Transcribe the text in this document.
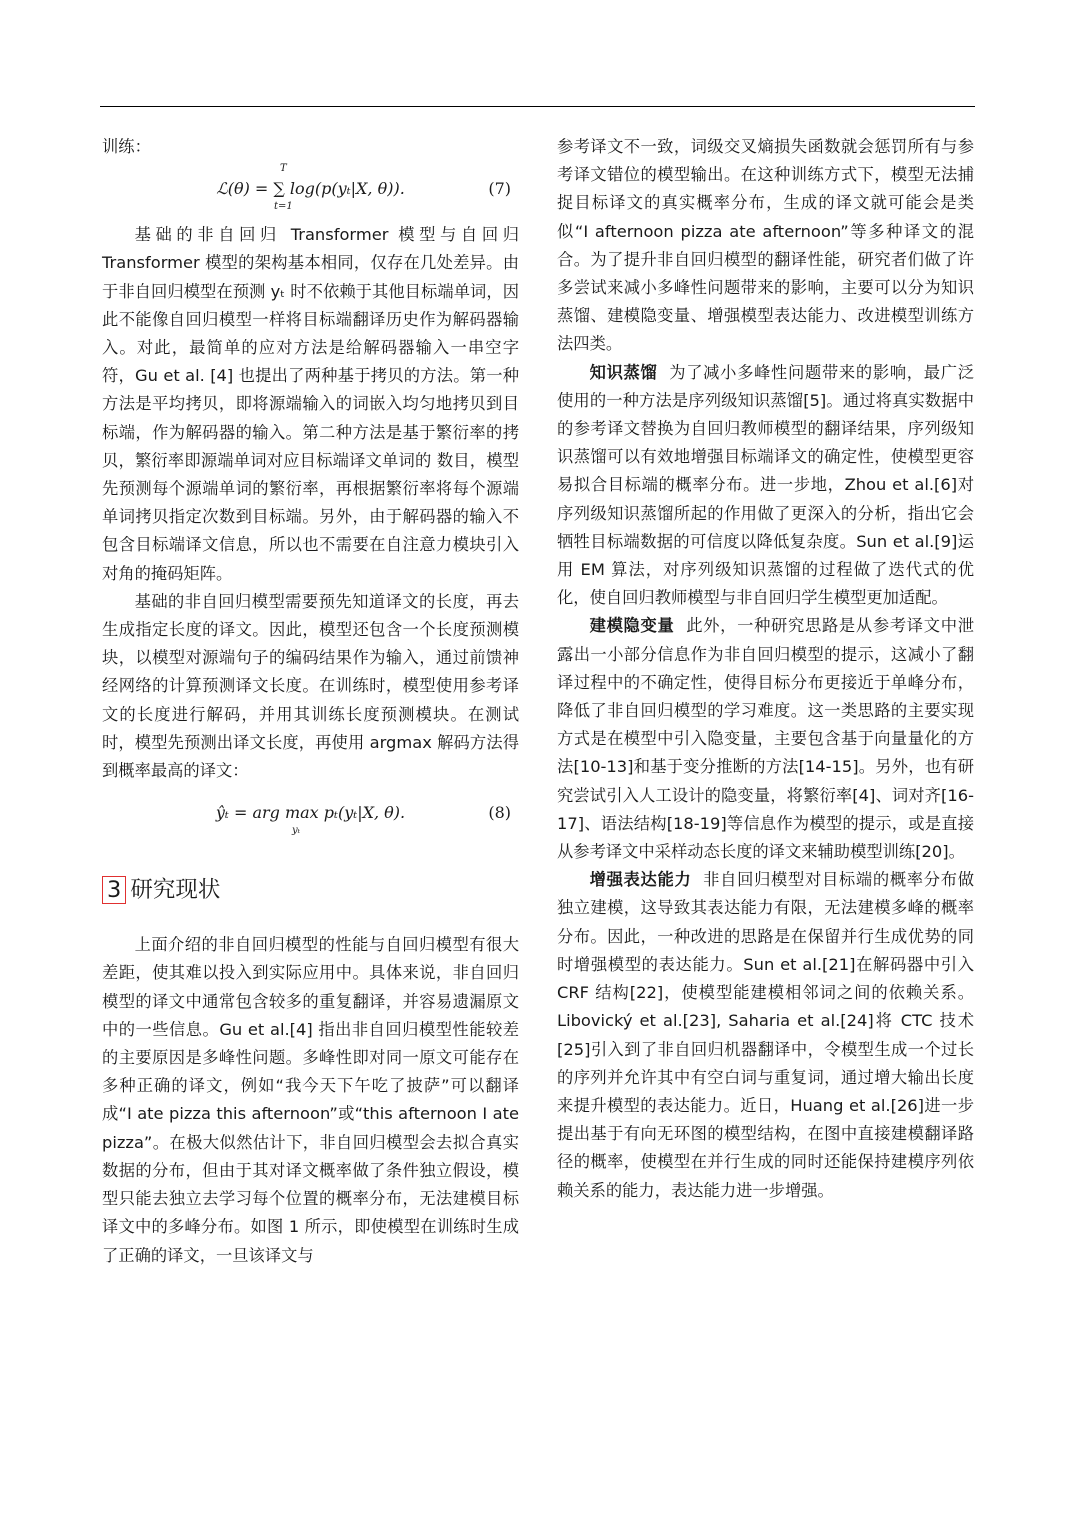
训练：

T
ℒ(θ) = ∑ log(p(yₜ|X, θ)).
t=1
(7)

基础的非自回归 Transformer 模型与自回归 Transformer 模型的架构基本相同，仅存在几处差异。由于非自回归模型在预测 yₜ 时不依赖于其他目标端单词，因此不能像自回归模型一样将目标端翻译历史作为解码器输入。对此，最简单的应对方法是给解码器输入一串空字符，Gu et al. [4] 也提出了两种基于拷贝的方法。第一种方法是平均拷贝，即将源端输入的词嵌入均匀地拷贝到目标端，作为解码器的输入。第二种方法是基于繁衍率的拷贝，繁衍率即源端单词对应目标端译文单词的 数目，模型先预测每个源端单词的繁衍率，再根据繁衍率将每个源端单词拷贝指定次数到目标端。另外，由于解码器的输入不包含目标端译文信息，所以也不需要在自注意力模块引入对角的掩码矩阵。

基础的非自回归模型需要预先知道译文的长度，再去生成指定长度的译文。因此，模型还包含一个长度预测模块，以模型对源端句子的编码结果作为输入，通过前馈神经网络的计算预测译文长度。在训练时，模型使用参考译文的长度进行解码，并用其训练长度预测模块。在测试时，模型先预测出译文长度，再使用 argmax 解码方法得到概率最高的译文：

ŷₜ = arg max pₜ(yₜ|X, θ).
yₜ
(8)
3 研究现状

上面介绍的非自回归模型的性能与自回归模型有很大差距，使其难以投入到实际应用中。具体来说，非自回归模型的译文中通常包含较多的重复翻译，并容易遗漏原文中的一些信息。Gu et al.[4] 指出非自回归模型性能较差的主要原因是多峰性问题。多峰性即对同一原文可能存在多种正确的译文，例如“我今天下午吃了披萨”可以翻译成“I ate pizza this afternoon”或“this afternoon I ate pizza”。在极大似然估计下，非自回归模型会去拟合真实数据的分布，但由于其对译文概率做了条件独立假设，模型只能去独立去学习每个位置的概率分布，无法建模目标译文中的多峰分布。如图 1 所示，即使模型在训练时生成了正确的译文，一旦该译文与

参考译文不一致，词级交叉熵损失函数就会惩罚所有与参考译文错位的模型输出。在这种训练方式下，模型无法捕捉目标译文的真实概率分布，生成的译文就可能会是类似“I afternoon pizza ate afternoon”等多种译文的混合。为了提升非自回归模型的翻译性能，研究者们做了许多尝试来减小多峰性问题带来的影响，主要可以分为知识蒸馏、建模隐变量、增强模型表达能力、改进模型训练方法四类。

知识蒸馏 为了减小多峰性问题带来的影响，最广泛使用的一种方法是序列级知识蒸馏[5]。通过将真实数据中的参考译文替换为自回归教师模型的翻译结果，序列级知识蒸馏可以有效地增强目标端译文的确定性，使模型更容易拟合目标端的概率分布。进一步地，Zhou et al.[6]对序列级知识蒸馏所起的作用做了更深入的分析，指出它会牺牲目标端数据的可信度以降低复杂度。Sun et al.[9]运用 EM 算法，对序列级知识蒸馏的过程做了迭代式的优化，使自回归教师模型与非自回归学生模型更加适配。

建模隐变量 此外，一种研究思路是从参考译文中泄露出一小部分信息作为非自回归模型的提示，这减小了翻译过程中的不确定性，使得目标分布更接近于单峰分布，降低了非自回归模型的学习难度。这一类思路的主要实现方式是在模型中引入隐变量，主要包含基于向量量化的方法[10-13]和基于变分推断的方法[14-15]。另外，也有研究尝试引入人工设计的隐变量，将繁衍率[4]、词对齐[16-17]、语法结构[18-19]等信息作为模型的提示，或是直接从参考译文中采样动态长度的译文来辅助模型训练[20]。

增强表达能力 非自回归模型对目标端的概率分布做独立建模，这导致其表达能力有限，无法建模多峰的概率分布。因此，一种改进的思路是在保留并行生成优势的同时增强模型的表达能力。Sun et al.[21]在解码器中引入 CRF 结构[22]，使模型能建模相邻词之间的依赖关系。Libovický et al.[23], Saharia et al.[24]将 CTC 技术[25]引入到了非自回归机器翻译中，令模型生成一个过长的序列并允许其中有空白词与重复词，通过增大输出长度来提升模型的表达能力。近日，Huang et al.[26]进一步提出基于有向无环图的模型结构，在图中直接建模翻译路径的概率，使模型在并行生成的同时还能保持建模序列依赖关系的能力，表达能力进一步增强。
